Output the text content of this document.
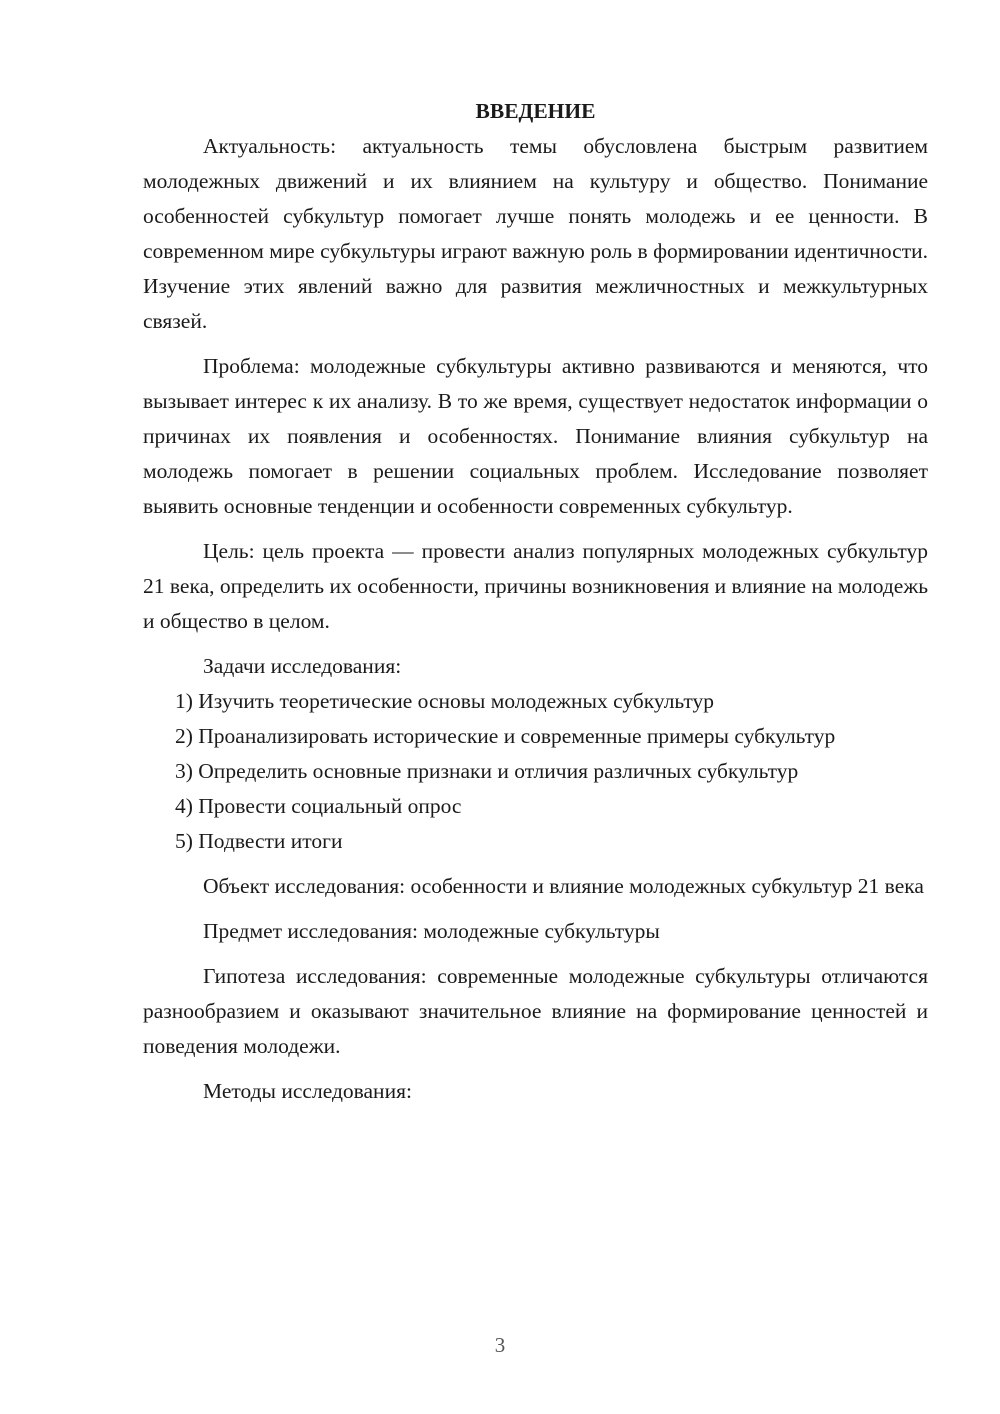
ВВЕДЕНИЕ

Актуальность: актуальность темы обусловлена быстрым развитием молодежных движений и их влиянием на культуру и общество. Понимание особенностей субкультур помогает лучше понять молодежь и ее ценности. В современном мире субкультуры играют важную роль в формировании идентичности. Изучение этих явлений важно для развития межличностных и межкультурных связей.

Проблема: молодежные субкультуры активно развиваются и меняются, что вызывает интерес к их анализу. В то же время, существует недостаток информации о причинах их появления и особенностях. Понимание влияния субкультур на молодежь помогает в решении социальных проблем. Исследование позволяет выявить основные тенденции и особенности современных субкультур.

Цель: цель проекта — провести анализ популярных молодежных субкультур 21 века, определить их особенности, причины возникновения и влияние на молодежь и общество в целом.

Задачи исследования:

1) Изучить теоретические основы молодежных субкультур

2) Проанализировать исторические и современные примеры субкультур

3) Определить основные признаки и отличия различных субкультур

4) Провести социальный опрос

5) Подвести итоги

Объект исследования: особенности и влияние молодежных субкультур 21 века

Предмет исследования: молодежные субкультуры

Гипотеза исследования: современные молодежные субкультуры отличаются разнообразием и оказывают значительное влияние на формирование ценностей и поведения молодежи.

Методы исследования:

3
